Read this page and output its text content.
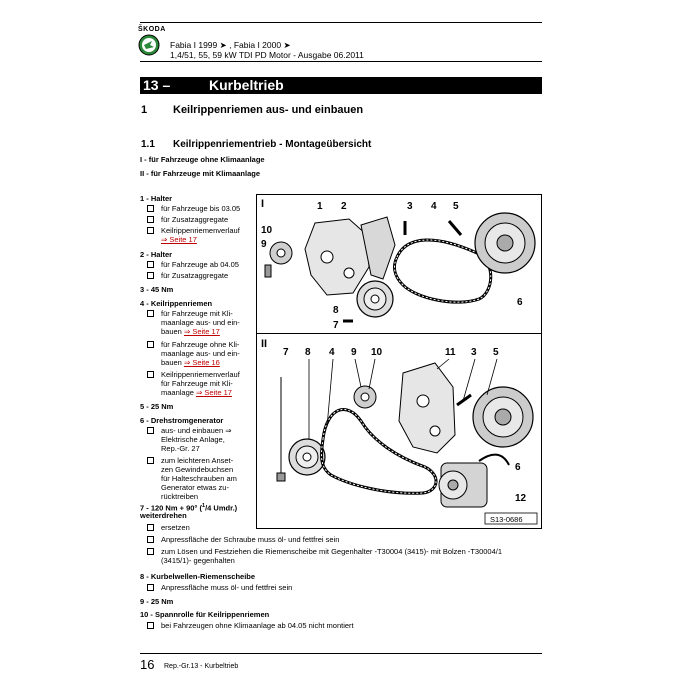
ŠKODA
Fabia I 1999 ➤ , Fabia I 2000 ➤
1,4/51, 55, 59 kW TDI PD Motor - Ausgabe 06.2011
13 –	Kurbeltrieb
1 Keilrippenriemen aus- und einbauen
1.1 Keilrippenriementrieb - Montageübersicht
I - für Fahrzeuge ohne Klimaanlage
II - für Fahrzeuge mit Klimaanlage
1 - Halter
für Fahrzeuge bis 03.05
für Zusatzaggregate
Keilrippenriemenverlauf
⇒ Seite 17
2 - Halter
für Fahrzeuge ab 04.05
für Zusatzaggregate
3 - 45 Nm
4 - Keilrippenriemen
für Fahrzeuge mit Kli-
maanlage aus- und ein-
bauen ⇒ Seite 17
für Fahrzeuge ohne Kli-
maanlage aus- und ein-
bauen ⇒ Seite 16
Keilrippenriemenverlauf
für Fahrzeuge mit Kli-
maanlage ⇒ Seite 17
5 - 25 Nm
6 - Drehstromgenerator
aus- und einbauen ⇒
Elektrische Anlage,
Rep.-Gr. 27
zum leichteren Anset-
zen Gewindebuchsen
für Halteschrauben am
Generator etwas zu-
rücktreiben
7 - 120 Nm + 90° ($^1$/4 Umdr.)
weiterdrehen
ersetzen
Anpressfläche der Schraube muss öl- und fettfrei sein
zum Lösen und Festziehen die Riemenscheibe mit Gegenhalter -T30004 (3415)- mit Bolzen -T30004/1
(3415/1)- gegenhalten
8 - Kurbelwellen-Riemenscheibe
Anpressfläche muss öl- und fettfrei sein
9 - 25 Nm
10 - Spannrolle für Keilrippenriemen
bei Fahrzeugen ohne Klimaanlage ab 04.05 nicht montiert
I	1 2	3 4 5
10
9
8
7
6
II
7 8 4 9 10	11 3 5
6
12
S13-0686
16 Rep.-Gr.13 - Kurbeltrieb
